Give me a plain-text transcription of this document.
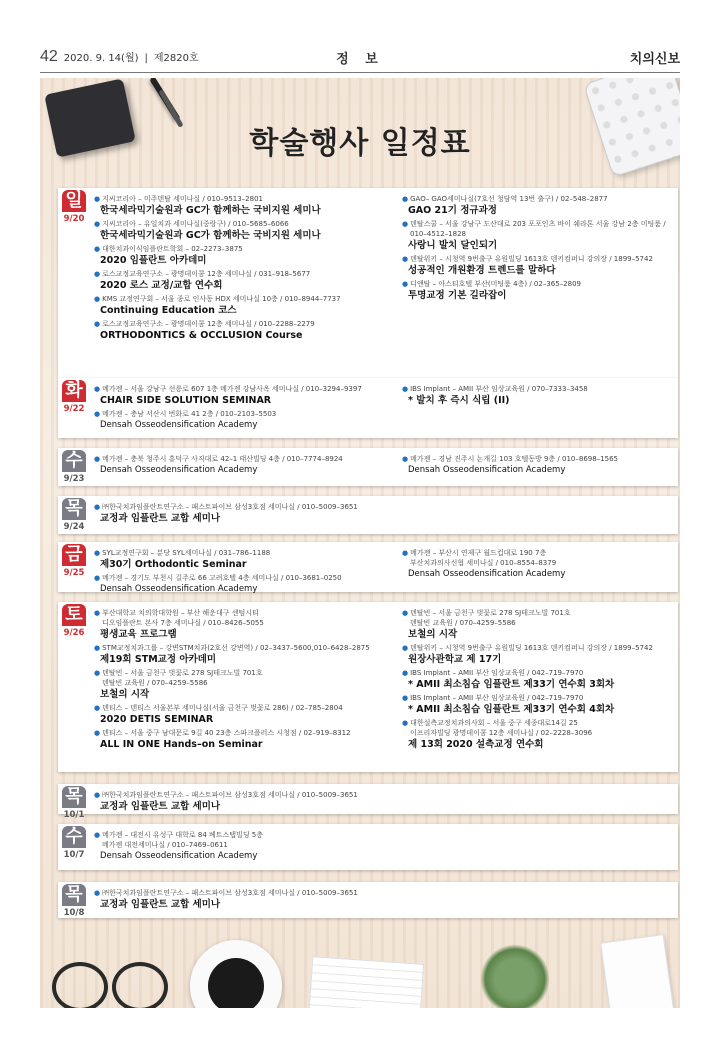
42 2020. 9. 14(월) | 제2820호	정 보	치의신보
학술행사 일정표
일
9/20
● 지씨코리아 – 미주덴탈 세미나실 / 010–9513–2801
한국세라믹기술원과 GC가 함께하는 국비지원 세미나
● 지씨코리아 – 유일치과 세미나실(중랑구) / 010–5685–6066
한국세라믹기술원과 GC가 함께하는 국비지원 세미나
● 대한치과이식임플란트학회 – 02–2273–3875
2020 임플란트 아카데미
● 로스교정교육연구소 – 광명데이콤 12층 세미나실 / 031–918–5677
2020 로스 교정/교합 연수회
● KMS 교정연구회 – 서울 종로 인사동 HDX 세미나실 10층 / 010–8944–7737
Continuing Education 코스
● 로스교정교육연구소 – 광명데이콤 12층 세미나실 / 010–2288–2279
ORTHODONTICS & OCCLUSION Course
● GAO– GAO세미나실(7호선 청담역 13번 출구) / 02–548–2877
GAO 21기 정규과정
● 덴탈스쿨 – 서울 강남구 도산대로 203 포포인츠 바이 쉐라톤 서울 강남 2층 미팅룸 /
010–4512–1828
사랑니 발치 달인되기
● 덴탈위키 – 시청역 9번출구 유원빌딩 1613호 덴키컴퍼니 강의장 / 1899–5742
성공적인 개원환경 트렌드를 말하다
● 디앤탈 – 아스티호텔 부산(미팅룸 4층) / 02–365–2809
투명교정 기본 길라잡이
화
9/22
● 메가젠 – 서울 강남구 선릉로 607 1층 메가젠 강남사옥 세미나실 / 010–3294–9397
CHAIR SIDE SOLUTION SEMINAR
● 메가젠 – 충남 서산시 번화로 41 2층 / 010–2103–5503
Densah Osseodensification Academy
● IBS Implant – AMII 부산 임상교육원 / 070–7333–3458
* 발치 후 즉시 식립 (II)
수
9/23
● 메가젠 – 충북 청주시 흥덕구 사직대로 42–1 태산빌딩 4층 / 010–7774–8924
Densah Osseodensification Academy
● 메가젠 – 경남 진주시 논개길 103 호텔동방 9층 / 010–8698–1565
Densah Osseodensification Academy
목
9/24
● ㈜한국치과임플란트연구소 – 패스트파이브 삼성3호점 세미나실 / 010–5009–3651
교정과 임플란트 교합 세미나
금
9/25
● SYL교정연구회 – 분당 SYL세미나실 / 031–786–1188
제30기 Orthodontic Seminar
● 메가젠 – 경기도 부천시 길주로 66 고려호텔 4층 세미나실 / 010–3681–0250
Densah Osseodensification Academy
● 메가젠 – 부산시 연제구 월드컵대로 190 7층
부산치과의사신협 세미나실 / 010–8554–8379
Densah Osseodensification Academy
토
9/26
● 부산대학교 치의학대학원 – 부산 해운대구 센텀시티
디오임플란트 본사 7층 세미나실 / 010–8426–5055
평생교육 프로그램
● STM교정치과그룹 – 강변STM치과(2호선 강변역) / 02–3437–5600,010–6428–2875
제19회 STM교정 아카데미
● 덴탈빈 – 서울 금천구 벚꽃로 278 SJ테크노빌 701호
덴탈빈 교육원 / 070–4259–5586
보철의 시작
● 덴티스 – 덴티스 서울본부 세미나실(서울 금천구 벚꽃로 286) / 02–785–2804
2020 DETIS SEMINAR
● 덴티스 – 서울 중구 남대문로 9길 40 23층 스파크플러스 시청점 / 02–919–8312
ALL IN ONE Hands–on Seminar
● 덴탈빈 – 서울 금천구 벚꽃로 278 SJ테크노빌 701호
덴탈빈 교육원 / 070–4259–5586
보철의 시작
● 덴탈위키 – 시청역 9번출구 유원빌딩 1613호 덴키컴퍼니 강의장 / 1899–5742
원장사관학교 제 17기
● IBS Implant – AMII 부산 임상교육원 / 042–719–7970
* AMII 최소침습 임플란트 제33기 연수회 3회차
● IBS Implant – AMII 부산 임상교육원 / 042–719–7970
* AMII 최소침습 임플란트 제33기 연수회 4회차
● 대한설측교정치과의사회 – 서울 중구 세종대로14길 25
이프리자빌딩 광명데이콤 12층 세미나실 / 02–2228–3096
제 13회 2020 설측교정 연수회
목
10/1
● ㈜한국치과임플란트연구소 – 패스트파이브 삼성3호점 세미나실 / 010–5009–3651
교정과 임플란트 교합 세미나
수
10/7
● 메가젠 – 대전시 유성구 대학로 84 베트스탭빌딩 5층
메가젠 대전세미나실 / 010–7469–0611
Densah Osseodensification Academy
목
10/8
● ㈜한국치과임플란트연구소 – 패스트파이브 삼성3호점 세미나실 / 010–5009–3651
교정과 임플란트 교합 세미나
